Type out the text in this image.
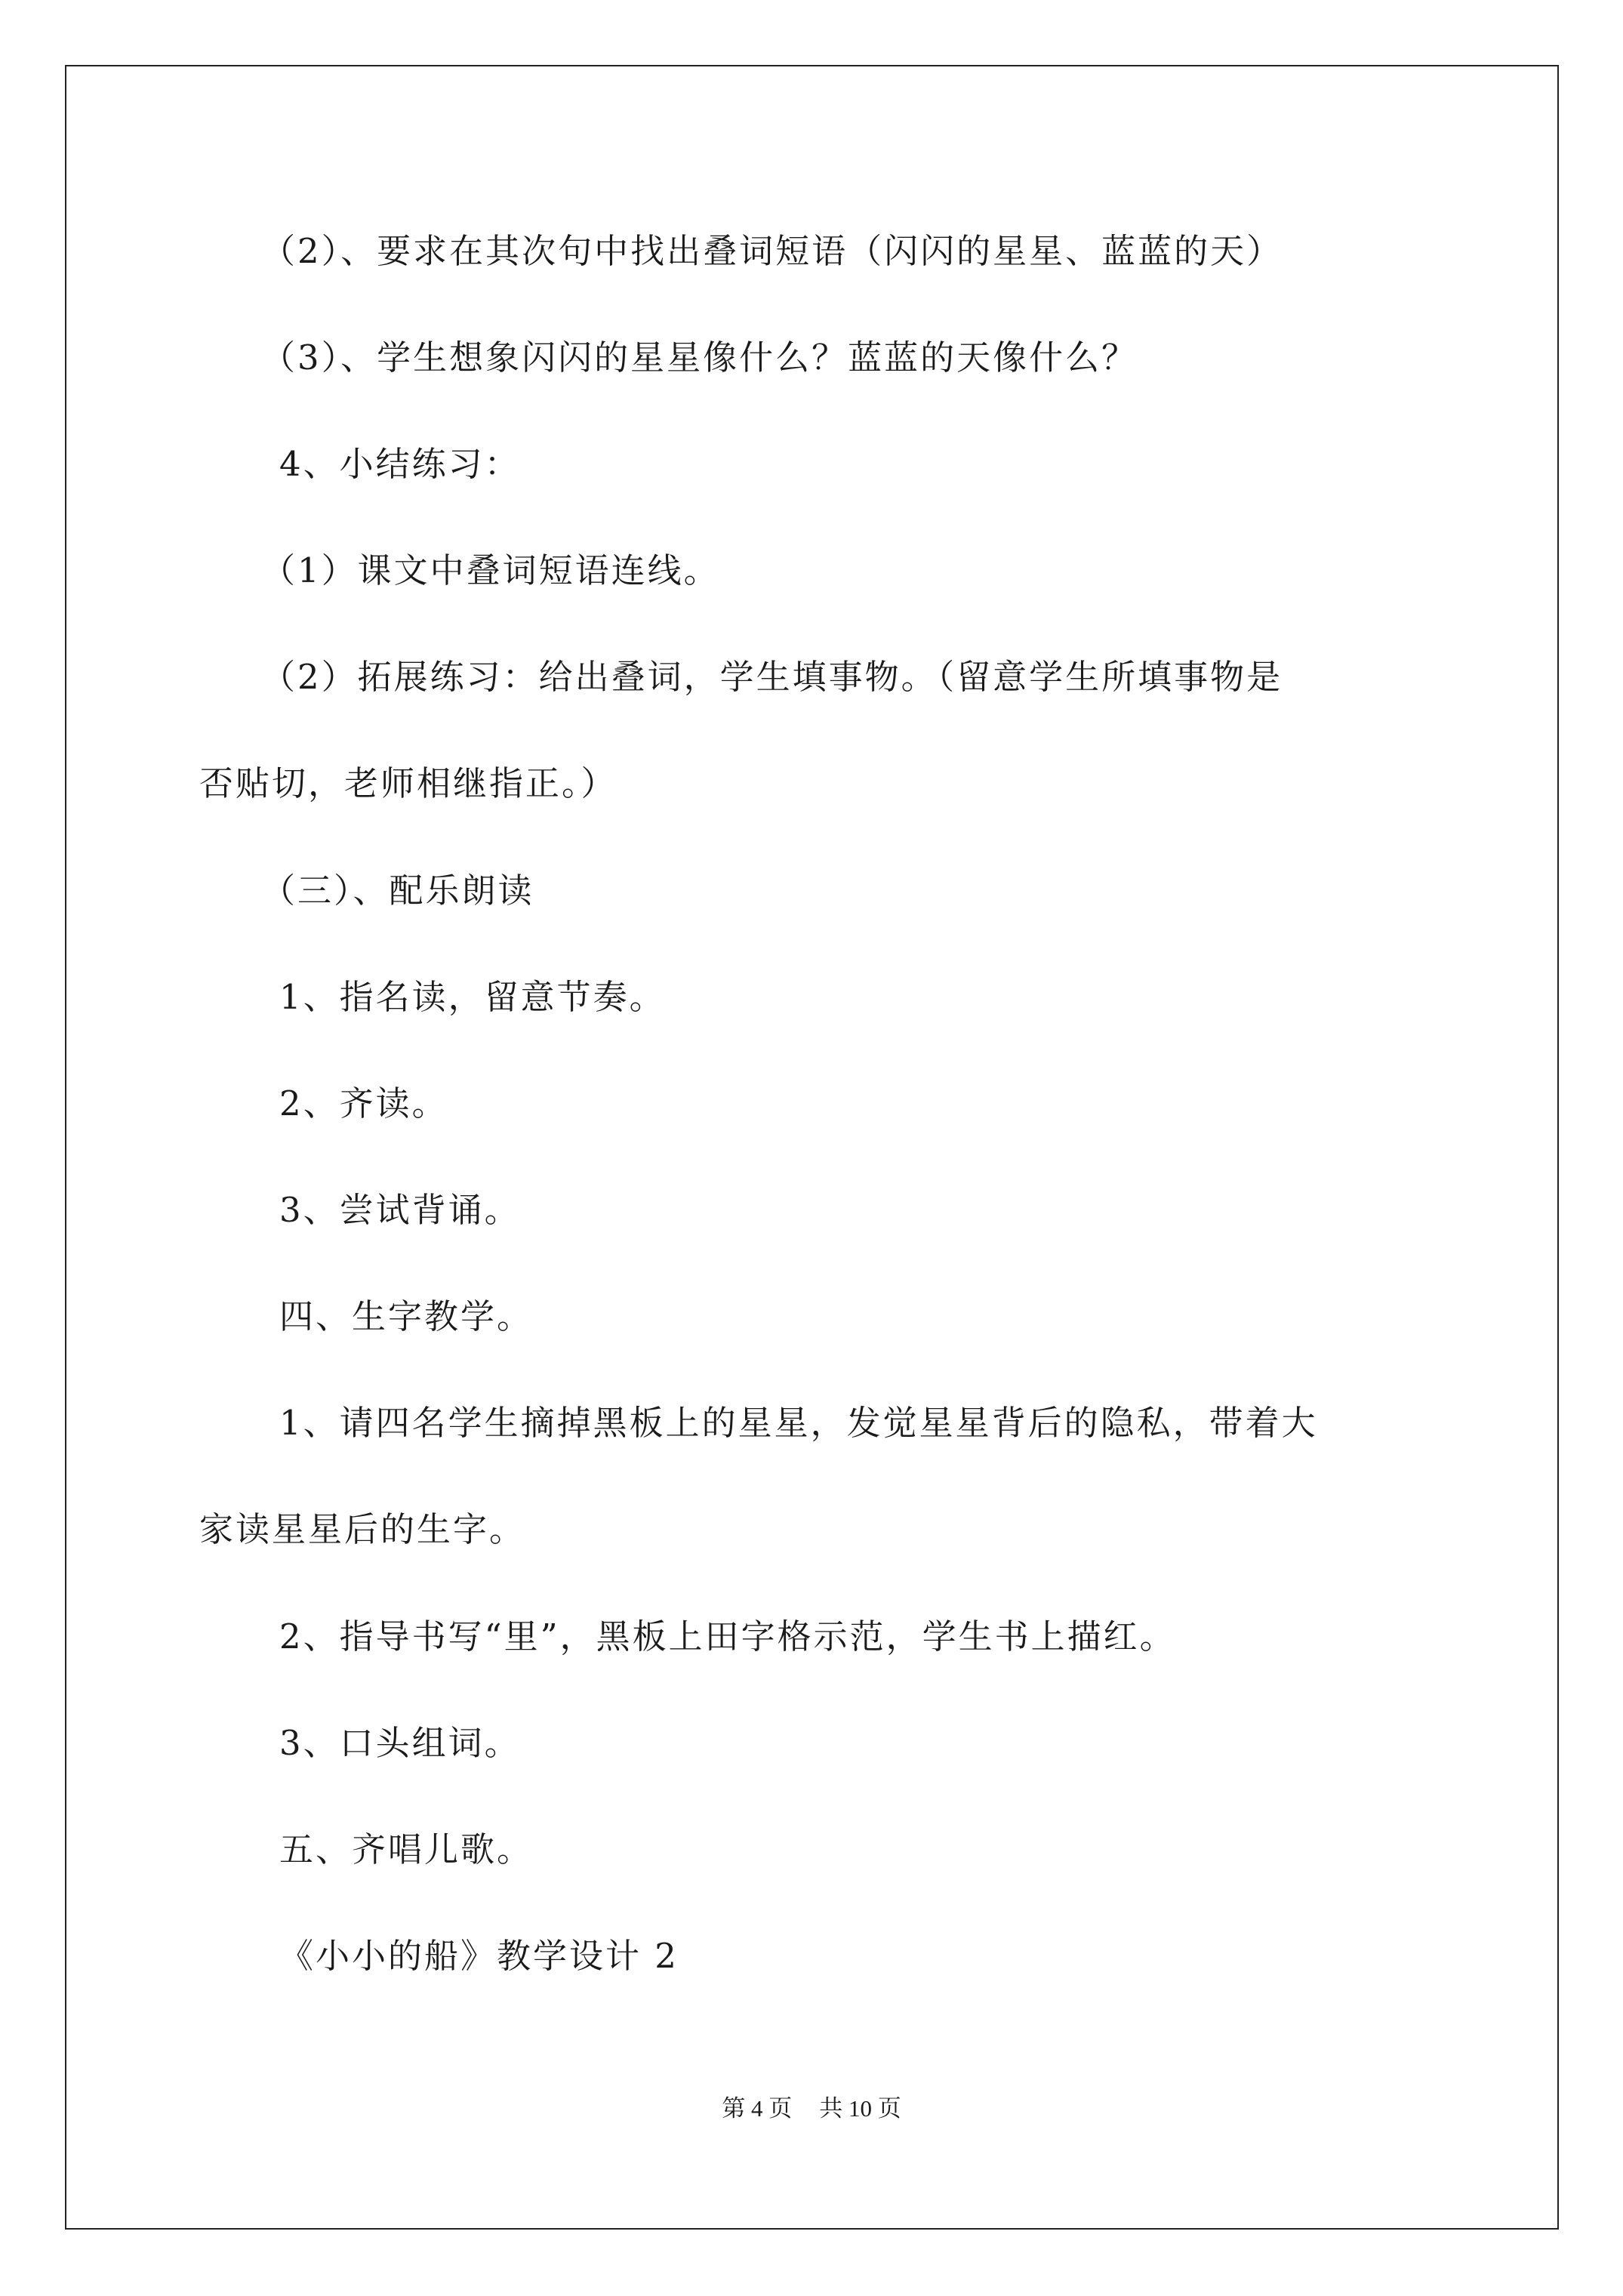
（2）、要求在其次句中找出叠词短语（闪闪的星星、蓝蓝的天）
（3）、学生想象闪闪的星星像什么？蓝蓝的天像什么？
4、小结练习：
（1）课文中叠词短语连线。
（2）拓展练习：给出叠词，学生填事物。（留意学生所填事物是
否贴切，老师相继指正。）
（三）、配乐朗读
1、指名读，留意节奏。
2、齐读。
3、尝试背诵。
四、生字教学。
1、请四名学生摘掉黑板上的星星，发觉星星背后的隐私，带着大
家读星星后的生字。
2、指导书写“里”，黑板上田字格示范，学生书上描红。
3、口头组词。
五、齐唱儿歌。
《小小的船》教学设计 2
第 4 页 共 10 页
